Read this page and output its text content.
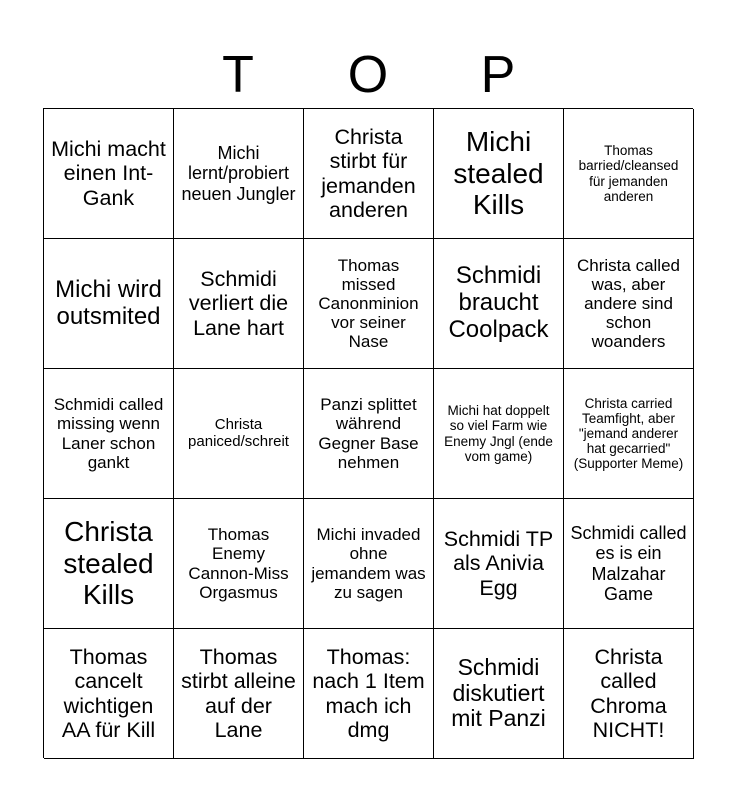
T	O	P
Michi macht einen Int-Gank
Michi lernt/probiert neuen Jungler
Christa stirbt für jemanden anderen
Michi stealed Kills
Thomas barried/cleansed für jemanden anderen
Michi wird outsmited
Schmidi verliert die Lane hart
Thomas missed Canonminion vor seiner Nase
Schmidi braucht Coolpack
Christa called was, aber andere sind schon woanders
Schmidi called missing wenn Laner schon gankt
Christa paniced/schreit
Panzi splittet während Gegner Base nehmen
Michi hat doppelt so viel Farm wie Enemy Jngl (ende vom game)
Christa carried Teamfight, aber "jemand anderer hat gecarried" (Supporter Meme)
Christa stealed Kills
Thomas Enemy Cannon-Miss Orgasmus
Michi invaded ohne jemandem was zu sagen
Schmidi TP als Anivia Egg
Schmidi called es is ein Malzahar Game
Thomas cancelt wichtigen AA für Kill
Thomas stirbt alleine auf der Lane
Thomas: nach 1 Item mach ich dmg
Schmidi diskutiert mit Panzi
Christa called Chroma NICHT!
